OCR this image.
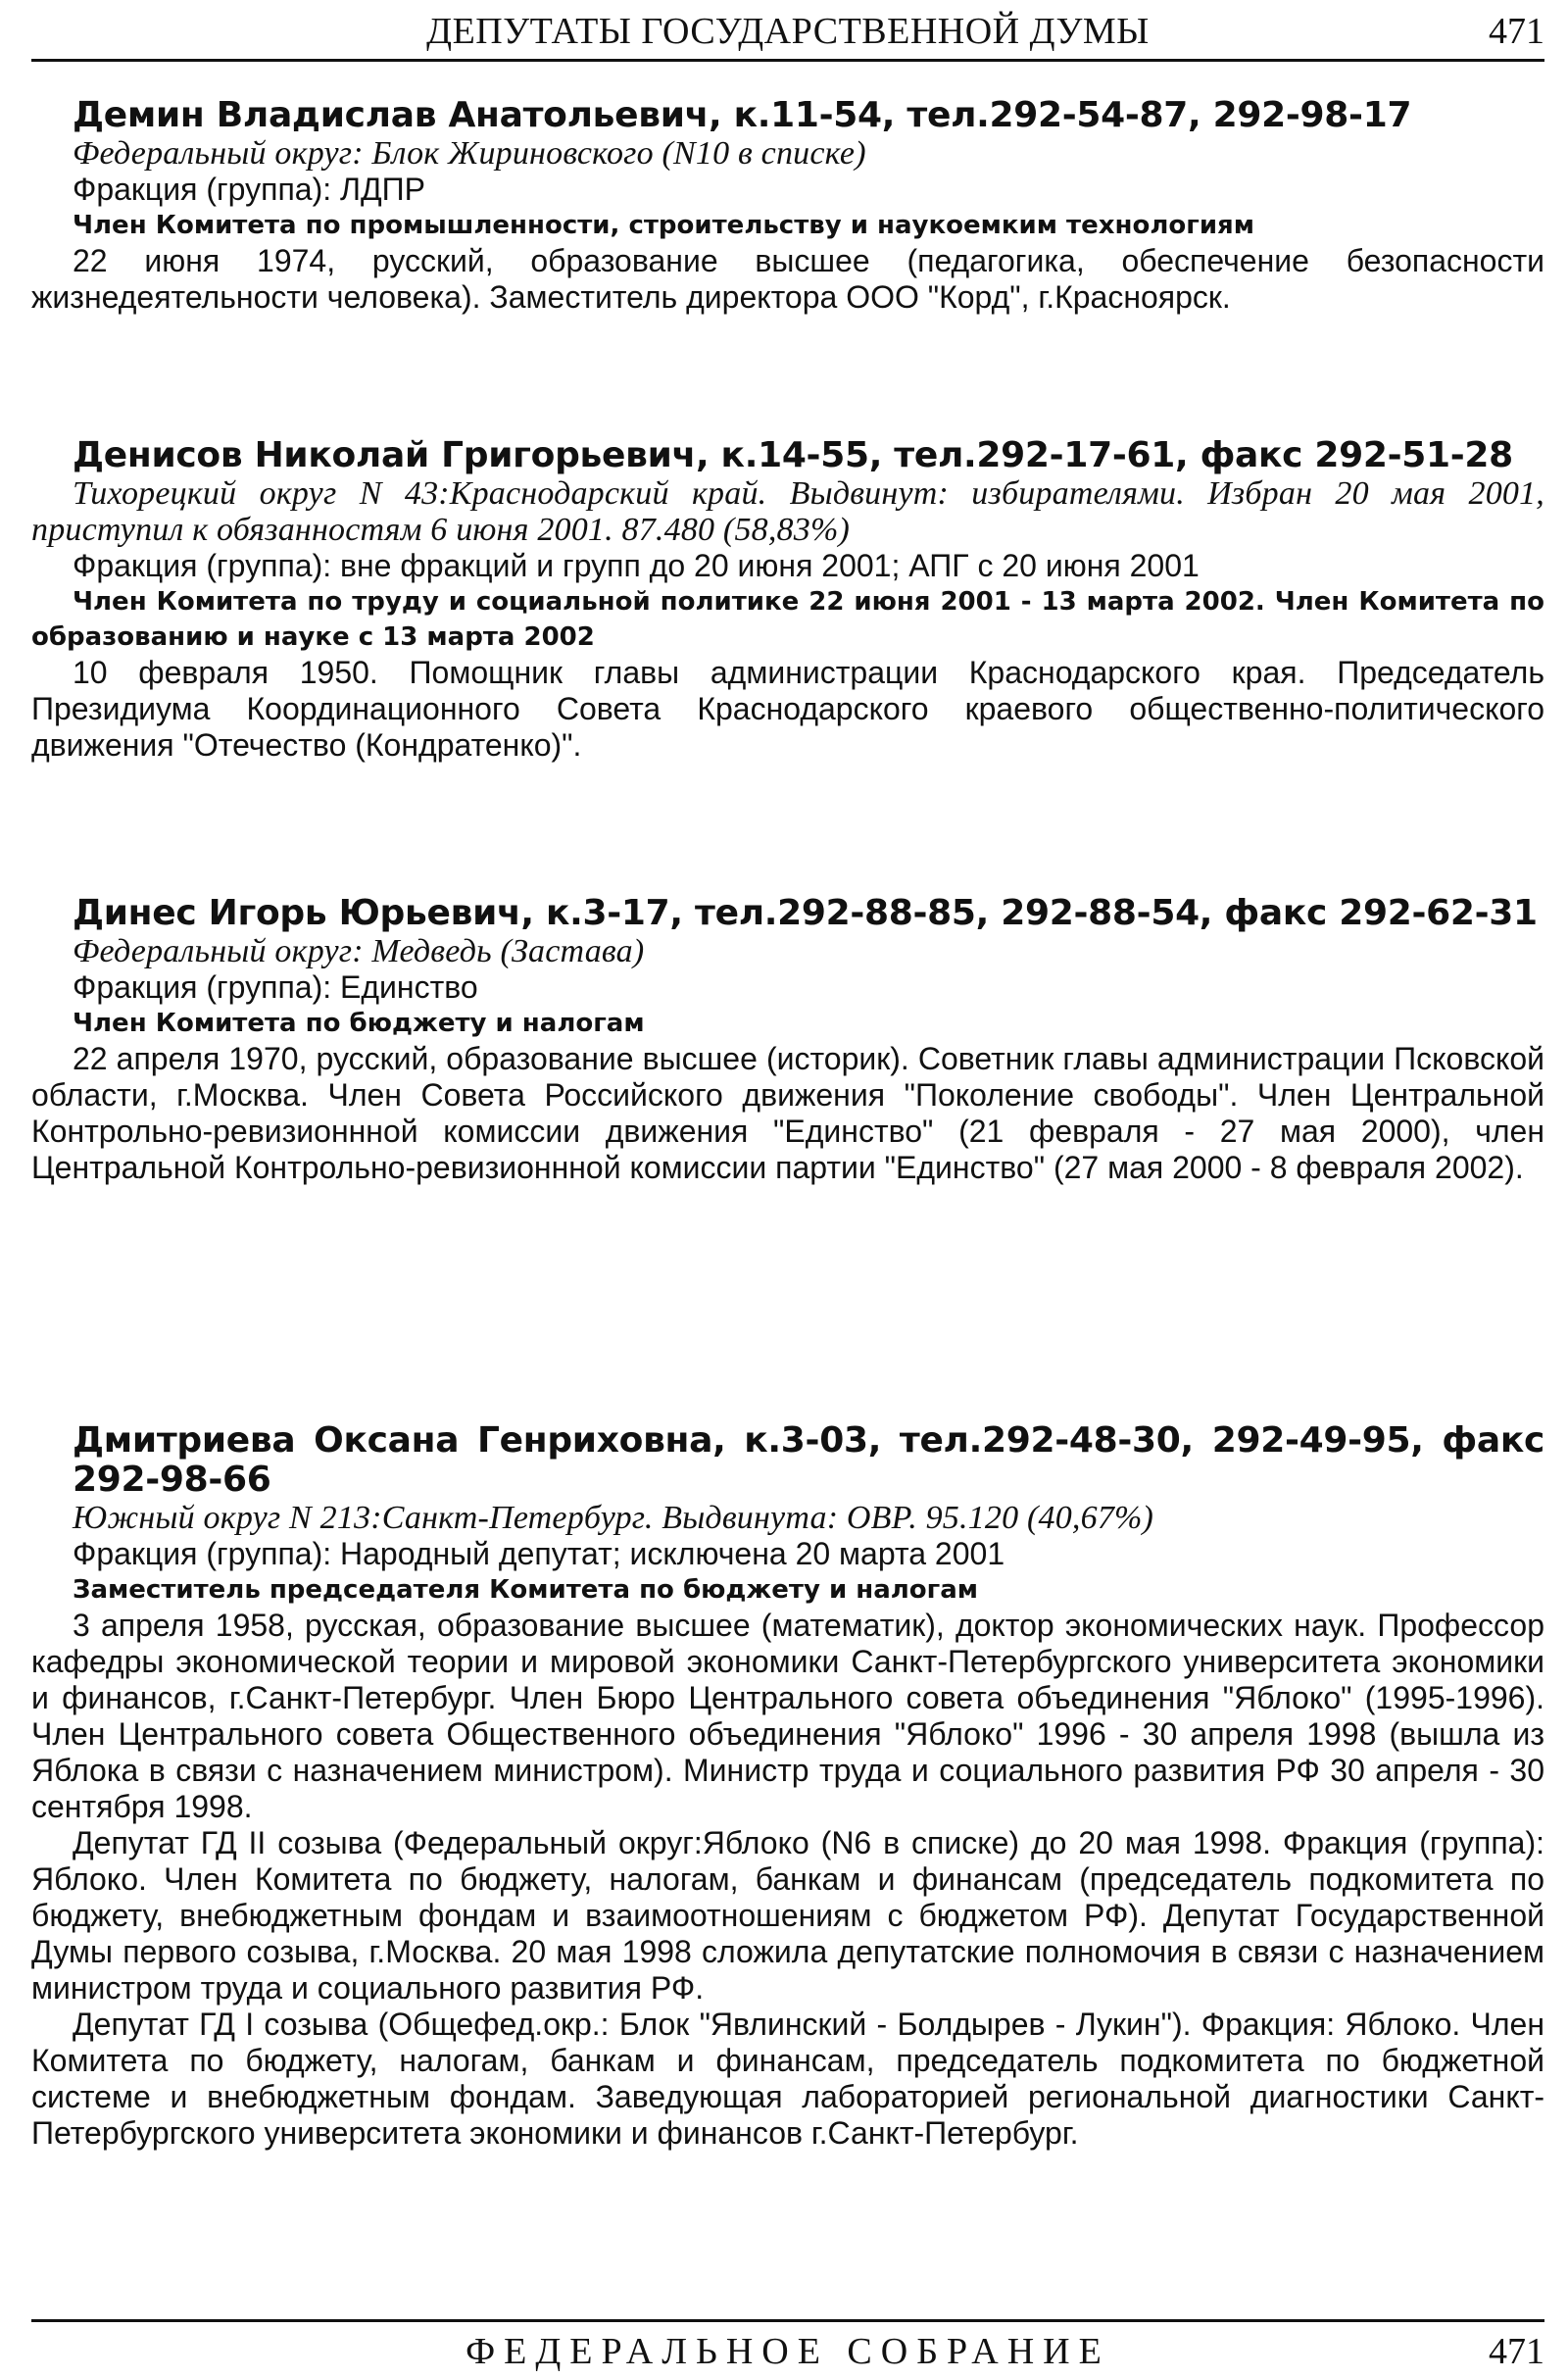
ДЕПУТАТЫ ГОСУДАРСТВЕННОЙ ДУМЫ	471
Демин Владислав Анатольевич, к.11-54, тел.292-54-87, 292-98-17
Федеральный округ: Блок Жириновского (N10 в списке)
Фракция (группа): ЛДПР
Член Комитета по промышленности, строительству и наукоемким технологиям

22 июня 1974, русский, образование высшее (педагогика, обеспечение безопасности жизнедеятельности человека). Заместитель директора ООО "Корд", г.Красноярск.

Денисов Николай Григорьевич, к.14-55, тел.292-17-61, факс 292-51-28
Тихорецкий округ N 43:Краснодарский край. Выдвинут: избирателями. Избран 20 мая 2001, приступил к обязанностям 6 июня 2001. 87.480 (58,83%)
Фракция (группа): вне фракций и групп до 20 июня 2001; АПГ с 20 июня 2001
Член Комитета по труду и социальной политике 22 июня 2001 - 13 марта 2002. Член Комитета по образованию и науке с 13 марта 2002

10 февраля 1950. Помощник главы администрации Краснодарского края. Председатель Президиума Координационного Совета Краснодарского краевого общественно-политического движения "Отечество (Кондратенко)".

Динес Игорь Юрьевич, к.3-17, тел.292-88-85, 292-88-54, факс 292-62-31
Федеральный округ: Медведь (Застава)
Фракция (группа): Единство
Член Комитета по бюджету и налогам

22 апреля 1970, русский, образование высшее (историк). Советник главы администрации Псковской области, г.Москва. Член Совета Российского движения "Поколение свободы". Член Центральной Контрольно-ревизионнной комиссии движения "Единство" (21 февраля - 27 мая 2000), член Центральной Контрольно-ревизионнной комиссии партии "Единство" (27 мая 2000 - 8 февраля 2002).

Дмитриева Оксана Генриховна, к.3-03, тел.292-48-30, 292-49-95, факс 292-98-66
Южный округ N 213:Санкт-Петербург. Выдвинута: ОВР. 95.120 (40,67%)
Фракция (группа): Народный депутат; исключена 20 марта 2001
Заместитель председателя Комитета по бюджету и налогам

3 апреля 1958, русская, образование высшее (математик), доктор экономических наук. Профессор кафедры экономической теории и мировой экономики Санкт-Петербургского университета экономики и финансов, г.Санкт-Петербург. Член Бюро Центрального совета объединения "Яблоко" (1995-1996). Член Центрального совета Общественного объединения "Яблоко" 1996 - 30 апреля 1998 (вышла из Яблока в связи с назначением министром). Министр труда и социального развития РФ 30 апреля - 30 сентября 1998.

Депутат ГД II созыва (Федеральный округ:Яблоко (N6 в списке) до 20 мая 1998. Фракция (группа): Яблоко. Член Комитета по бюджету, налогам, банкам и финансам (председатель подкомитета по бюджету, внебюджетным фондам и взаимоотношениям с бюджетом РФ). Депутат Государственной Думы первого созыва, г.Москва. 20 мая 1998 сложила депутатские полномочия в связи с назначением министром труда и социального развития РФ.

Депутат ГД I созыва (Общефед.окр.: Блок "Явлинский - Болдырев - Лукин"). Фракция: Яблоко. Член Комитета по бюджету, налогам, банкам и финансам, председатель подкомитета по бюджетной системе и внебюджетным фондам. Заведующая лабораторией региональной диагностики Санкт-Петербургского университета экономики и финансов г.Санкт-Петербург.

ФЕДЕРАЛЬНОЕ СОБРАНИЕ	471
